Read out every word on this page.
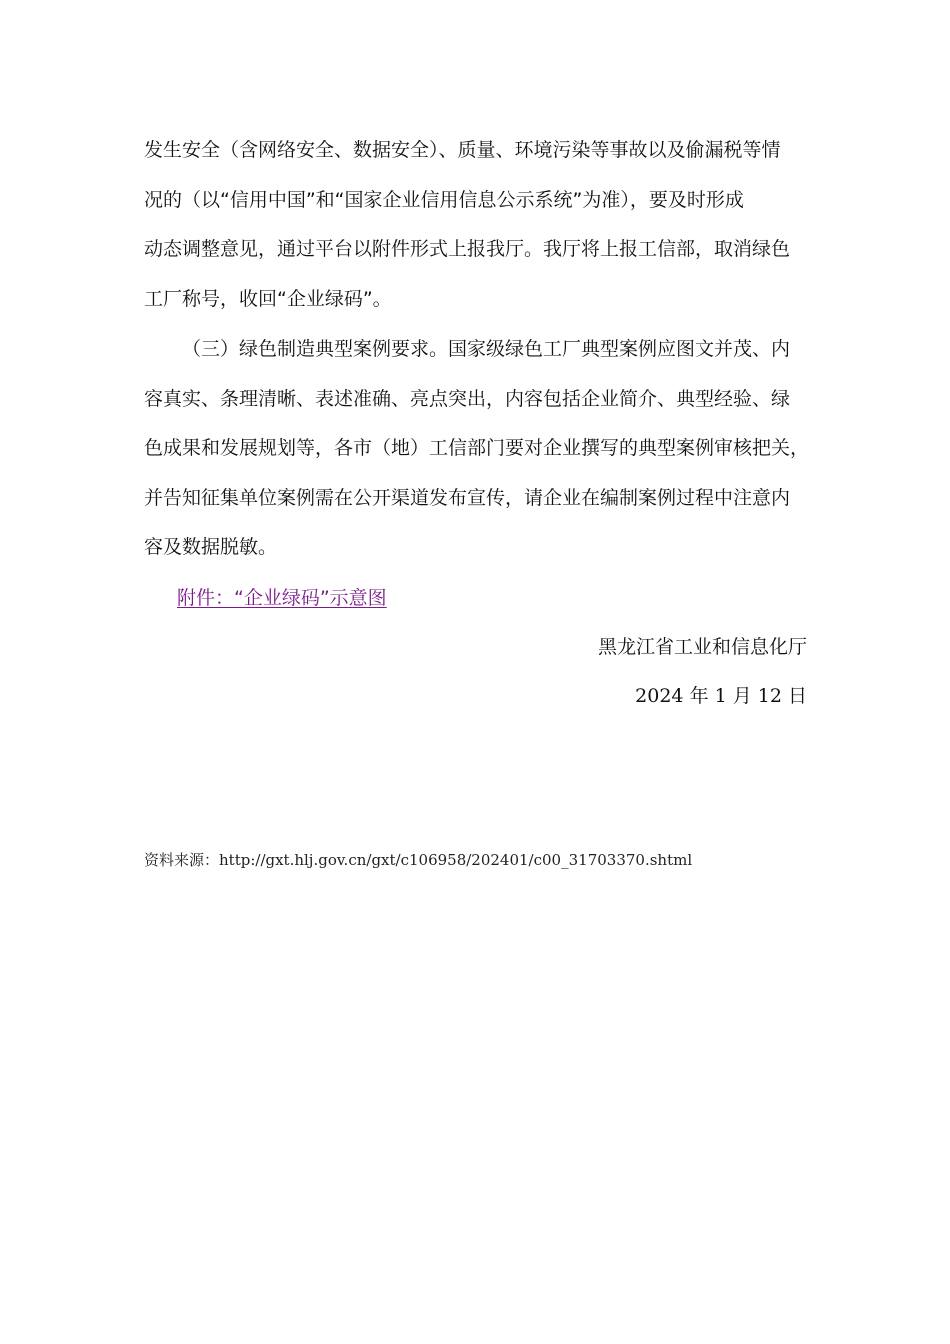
发生安全（含网络安全、数据安全）、质量、环境污染等事故以及偷漏税等情
况的（以“信用中国”和“国家企业信用信息公示系统”为准），要及时形成
动态调整意见，通过平台以附件形式上报我厅。我厅将上报工信部，取消绿色
工厂称号，收回“企业绿码”。
（三）绿色制造典型案例要求。国家级绿色工厂典型案例应图文并茂、内
容真实、条理清晰、表述准确、亮点突出，内容包括企业简介、典型经验、绿
色成果和发展规划等，各市（地）工信部门要对企业撰写的典型案例审核把关，
并告知征集单位案例需在公开渠道发布宣传，请企业在编制案例过程中注意内
容及数据脱敏。
附件：“企业绿码”示意图
黑龙江省工业和信息化厅
2024 年 1 月 12 日
资料来源：http://gxt.hlj.gov.cn/gxt/c106958/202401/c00_31703370.shtml
